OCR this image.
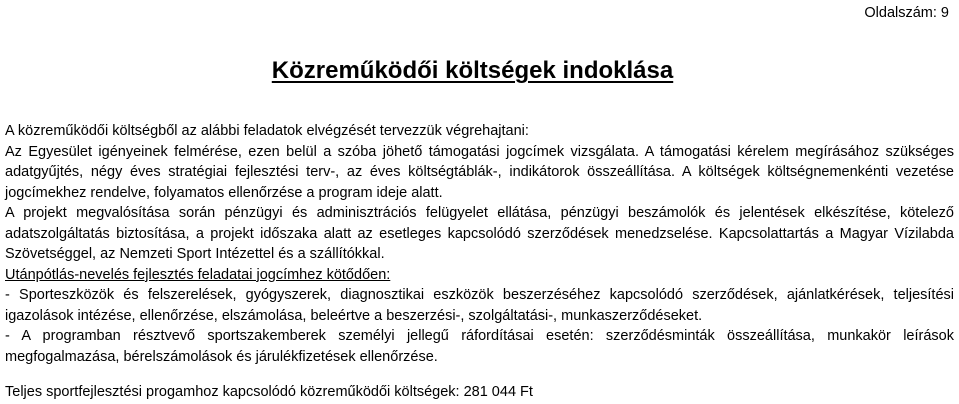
Oldalszám: 9
Közreműködői költségek indoklása

A közreműködői költségből az alábbi feladatok elvégzését tervezzük végrehajtani:

Az Egyesület igényeinek felmérése, ezen belül a szóba jöhető támogatási jogcímek vizsgálata. A támogatási kérelem megírásához szükséges adatgyűjtés, négy éves stratégiai fejlesztési terv-, az éves költségtáblák-, indikátorok összeállítása. A költségek költségnemenkénti vezetése jogcímekhez rendelve, folyamatos ellenőrzése a program ideje alatt.

A projekt megvalósítása során pénzügyi és adminisztrációs felügyelet ellátása, pénzügyi beszámolók és jelentések elkészítése, kötelező adatszolgáltatás biztosítása, a projekt időszaka alatt az esetleges kapcsolódó szerződések menedzselése. Kapcsolattartás a Magyar Vízilabda Szövetséggel, az Nemzeti Sport Intézettel és a szállítókkal.

Utánpótlás-nevelés fejlesztés feladatai jogcímhez kötődően:

- Sporteszközök és felszerelések, gyógyszerek, diagnosztikai eszközök beszerzéséhez kapcsolódó szerződések, ajánlatkérések, teljesítési igazolások intézése, ellenőrzése, elszámolása, beleértve a beszerzési-, szolgáltatási-, munkaszerződéseket.

- A programban résztvevő sportszakemberek személyi jellegű ráfordításai esetén: szerződésminták összeállítása, munkakör leírások megfogalmazása, bérelszámolások és járulékfizetések ellenőrzése.

Teljes sportfejlesztési progamhoz kapcsolódó közreműködői költségek: 281 044 Ft
